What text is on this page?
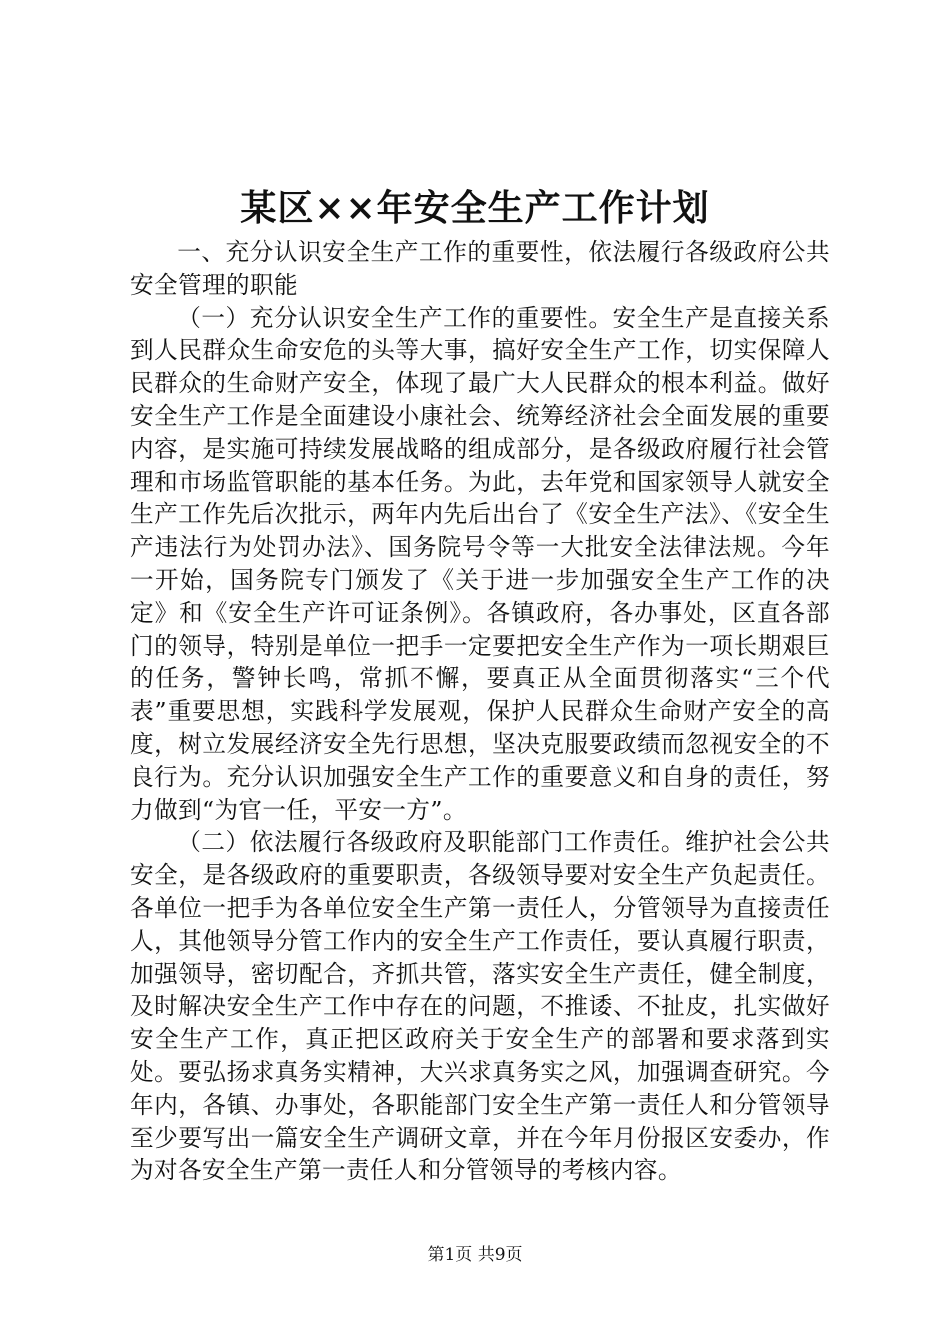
某区××年安全生产工作计划

一、充分认识安全生产工作的重要性，依法履行各级政府公共安全管理的职能

（一）充分认识安全生产工作的重要性。安全生产是直接关系到人民群众生命安危的头等大事，搞好安全生产工作，切实保障人民群众的生命财产安全，体现了最广大人民群众的根本利益。做好安全生产工作是全面建设小康社会、统筹经济社会全面发展的重要内容，是实施可持续发展战略的组成部分，是各级政府履行社会管理和市场监管职能的基本任务。为此，去年党和国家领导人就安全生产工作先后次批示，两年内先后出台了《安全生产法》、《安全生产违法行为处罚办法》、国务院号令等一大批安全法律法规。今年一开始，国务院专门颁发了《关于进一步加强安全生产工作的决定》和《安全生产许可证条例》。各镇政府，各办事处，区直各部门的领导，特别是单位一把手一定要把安全生产作为一项长期艰巨的任务，警钟长鸣，常抓不懈，要真正从全面贯彻落实“三个代表”重要思想，实践科学发展观，保护人民群众生命财产安全的高度，树立发展经济安全先行思想，坚决克服要政绩而忽视安全的不良行为。充分认识加强安全生产工作的重要意义和自身的责任，努力做到“为官一任，平安一方”。

（二）依法履行各级政府及职能部门工作责任。维护社会公共安全，是各级政府的重要职责，各级领导要对安全生产负起责任。各单位一把手为各单位安全生产第一责任人，分管领导为直接责任人，其他领导分管工作内的安全生产工作责任，要认真履行职责，加强领导，密切配合，齐抓共管，落实安全生产责任，健全制度，及时解决安全生产工作中存在的问题，不推诿、不扯皮，扎实做好安全生产工作，真正把区政府关于安全生产的部署和要求落到实处。要弘扬求真务实精神，大兴求真务实之风，加强调查研究。今年内，各镇、办事处，各职能部门安全生产第一责任人和分管领导至少要写出一篇安全生产调研文章，并在今年月份报区安委办，作为对各安全生产第一责任人和分管领导的考核内容。

第1页 共9页
